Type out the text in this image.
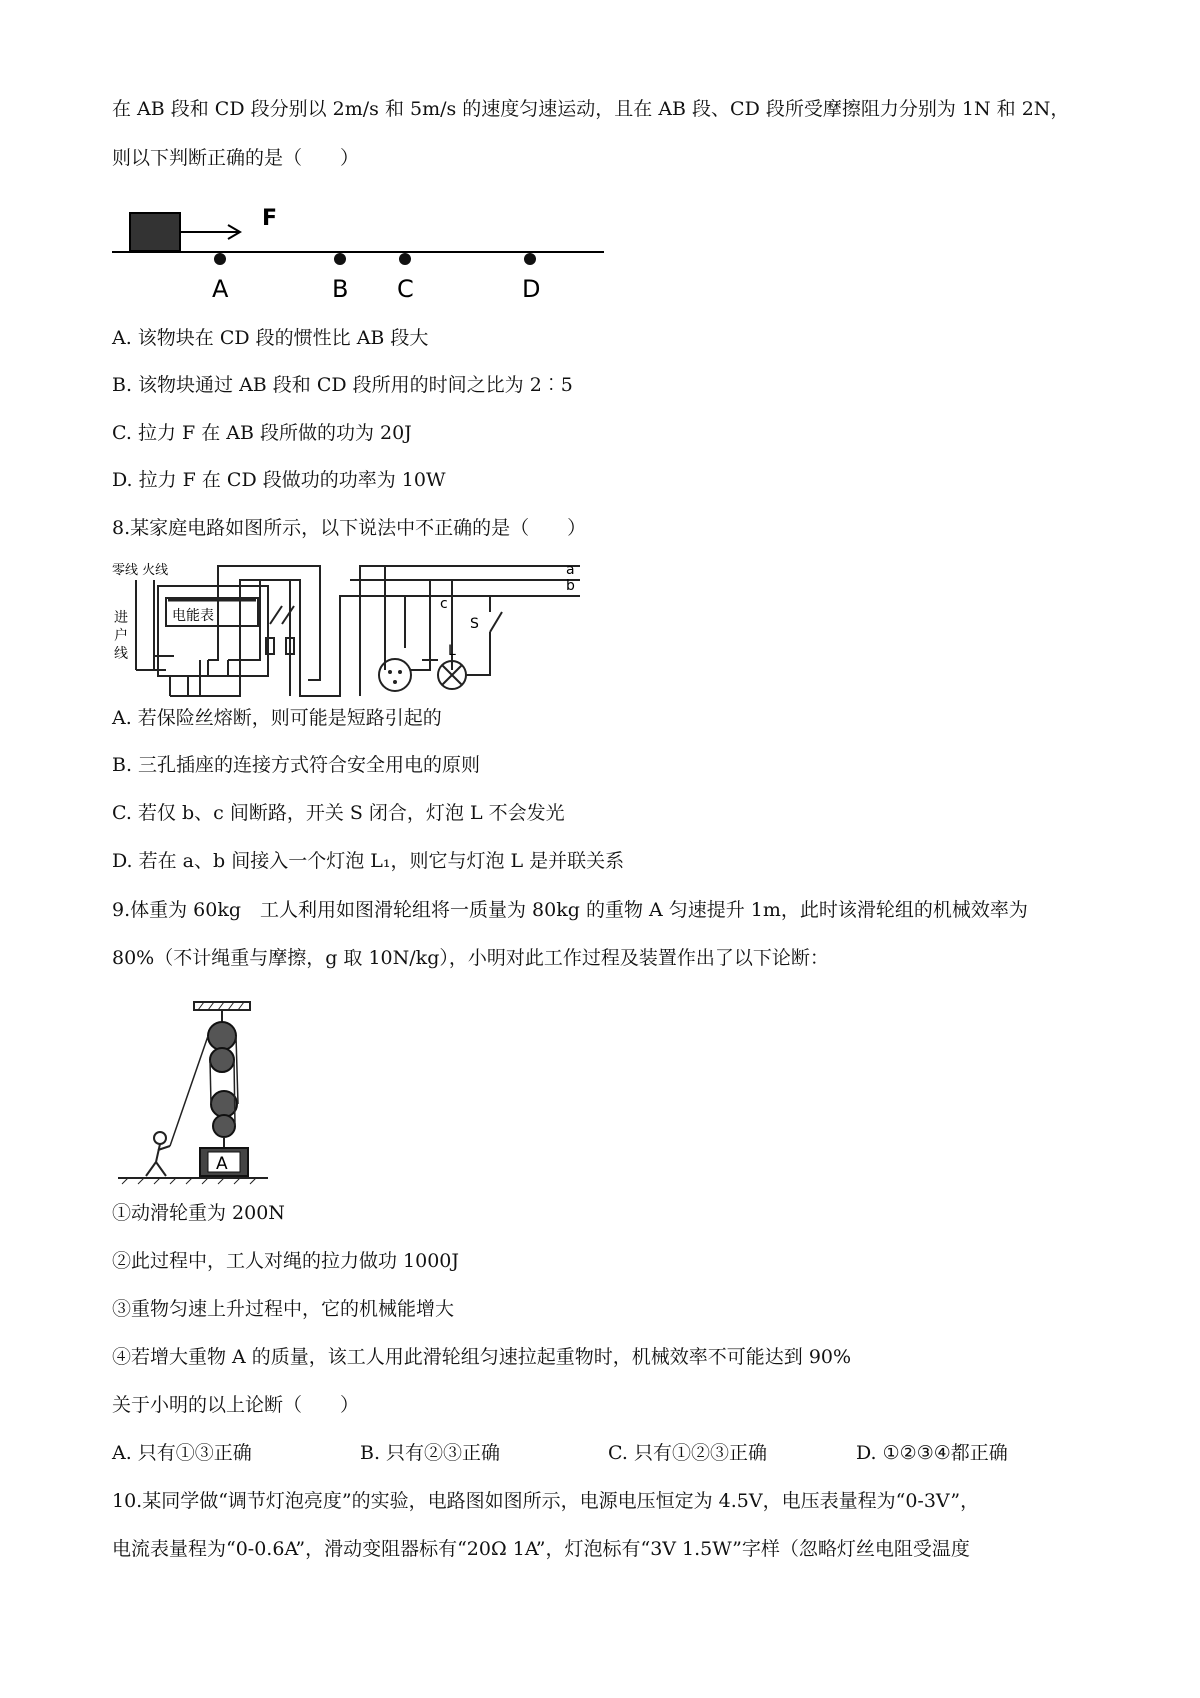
在 AB 段和 CD 段分别以 2m/s 和 5m/s 的速度匀速运动，且在 AB 段、CD 段所受摩擦阻力分别为 1N 和 2N，
则以下判断正确的是（　　）
F
A	B C	D
A. 该物块在 CD 段的惯性比 AB 段大
B. 该物块通过 AB 段和 CD 段所用的时间之比为 2︰5
C. 拉力 F 在 AB 段所做的功为 20J
D. 拉力 F 在 CD 段做功的功率为 10W
8.某家庭电路如图所示，以下说法中不正确的是（　　）
零线 火线
进
户
线
电能表
a
b
c
L
S
A. 若保险丝熔断，则可能是短路引起的
B. 三孔插座的连接方式符合安全用电的原则
C. 若仅 b、c 间断路，开关 S 闭合，灯泡 L 不会发光
D. 若在 a、b 间接入一个灯泡 L₁，则它与灯泡 L 是并联关系
9.体重为 60kg　工人利用如图滑轮组将一质量为 80kg 的重物 A 匀速提升 1m，此时该滑轮组的机械效率为
80%（不计绳重与摩擦，g 取 10N/kg），小明对此工作过程及装置作出了以下论断：
A
①动滑轮重为 200N
②此过程中，工人对绳的拉力做功 1000J
③重物匀速上升过程中，它的机械能增大
④若增大重物 A 的质量，该工人用此滑轮组匀速拉起重物时，机械效率不可能达到 90%
关于小明的以上论断（　　）
A. 只有①③正确	B. 只有②③正确	C. 只有①②③正确	D. ①②③④都正确
10.某同学做“调节灯泡亮度”的实验，电路图如图所示，电源电压恒定为 4.5V，电压表量程为“0-3V”，
电流表量程为“0-0.6A”，滑动变阻器标有“20Ω 1A”，灯泡标有“3V 1.5W”字样（忽略灯丝电阻受温度
